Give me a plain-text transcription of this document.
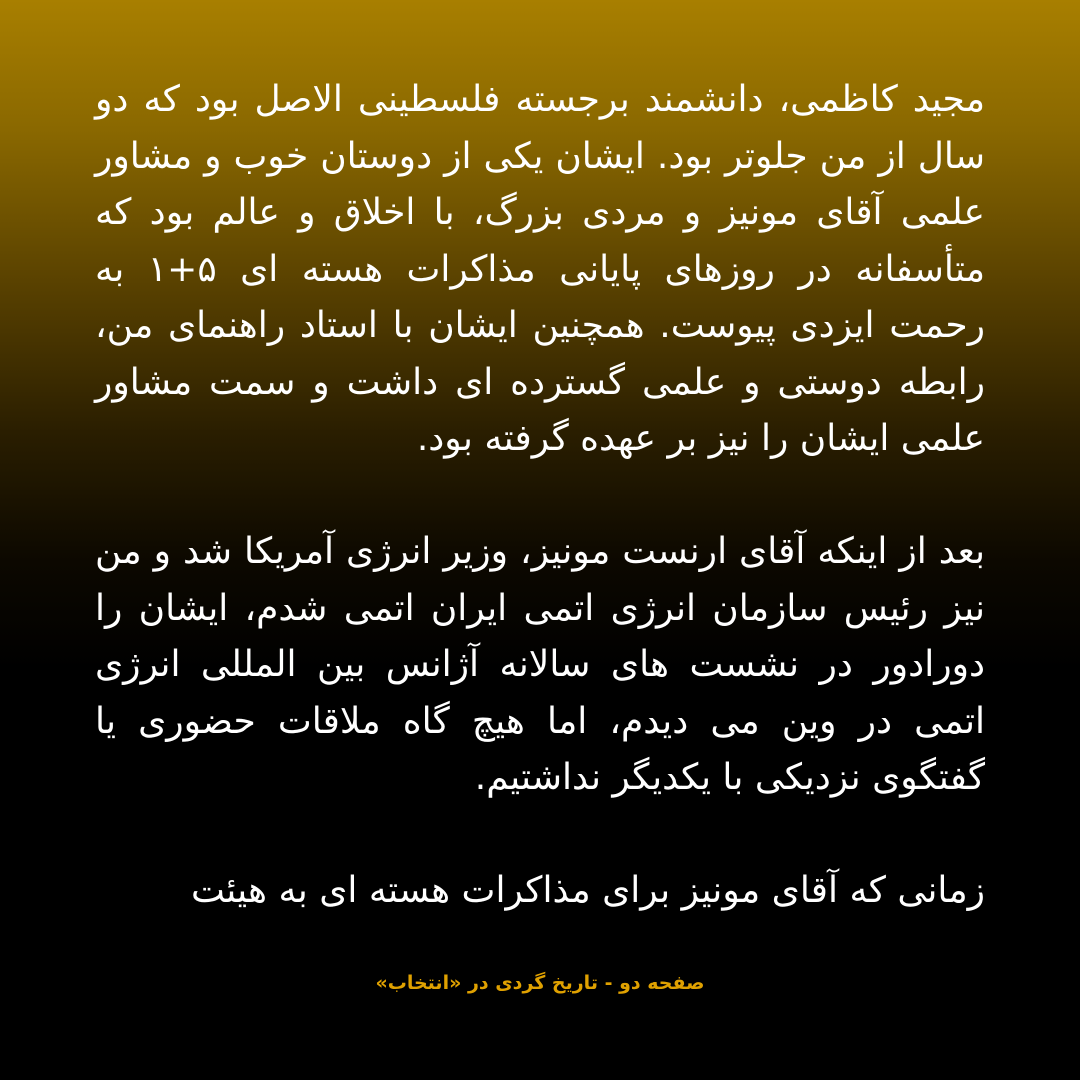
مجید کاظمی، دانشمند برجسته فلسطینی الاصل بود که دو سال از من جلوتر بود. ایشان یکی از دوستان خوب و مشاور علمی آقای مونیز و مردی بزرگ، با اخلاق و عالم بود که متأسفانه در روزهای پایانی مذاکرات هسته ای ۵+۱ به رحمت ایزدی پیوست. همچنین ایشان با استاد راهنمای من، رابطه دوستی و علمی گسترده ای داشت و سمت مشاور علمی ایشان را نیز بر عهده گرفته بود.

بعد از اینکه آقای ارنست مونیز، وزیر انرژی آمریکا شد و من نیز رئیس سازمان انرژی اتمی ایران اتمی شدم، ایشان را دورادور در نشست های سالانه آژانس بین المللی انرژی اتمی در وین می دیدم، اما هیچ گاه ملاقات حضوری یا گفتگوی نزدیکی با یکدیگر نداشتیم.

زمانی که آقای مونیز برای مذاکرات هسته ای به هیئت

صفحه دو - تاریخ گردی در «انتخاب»
